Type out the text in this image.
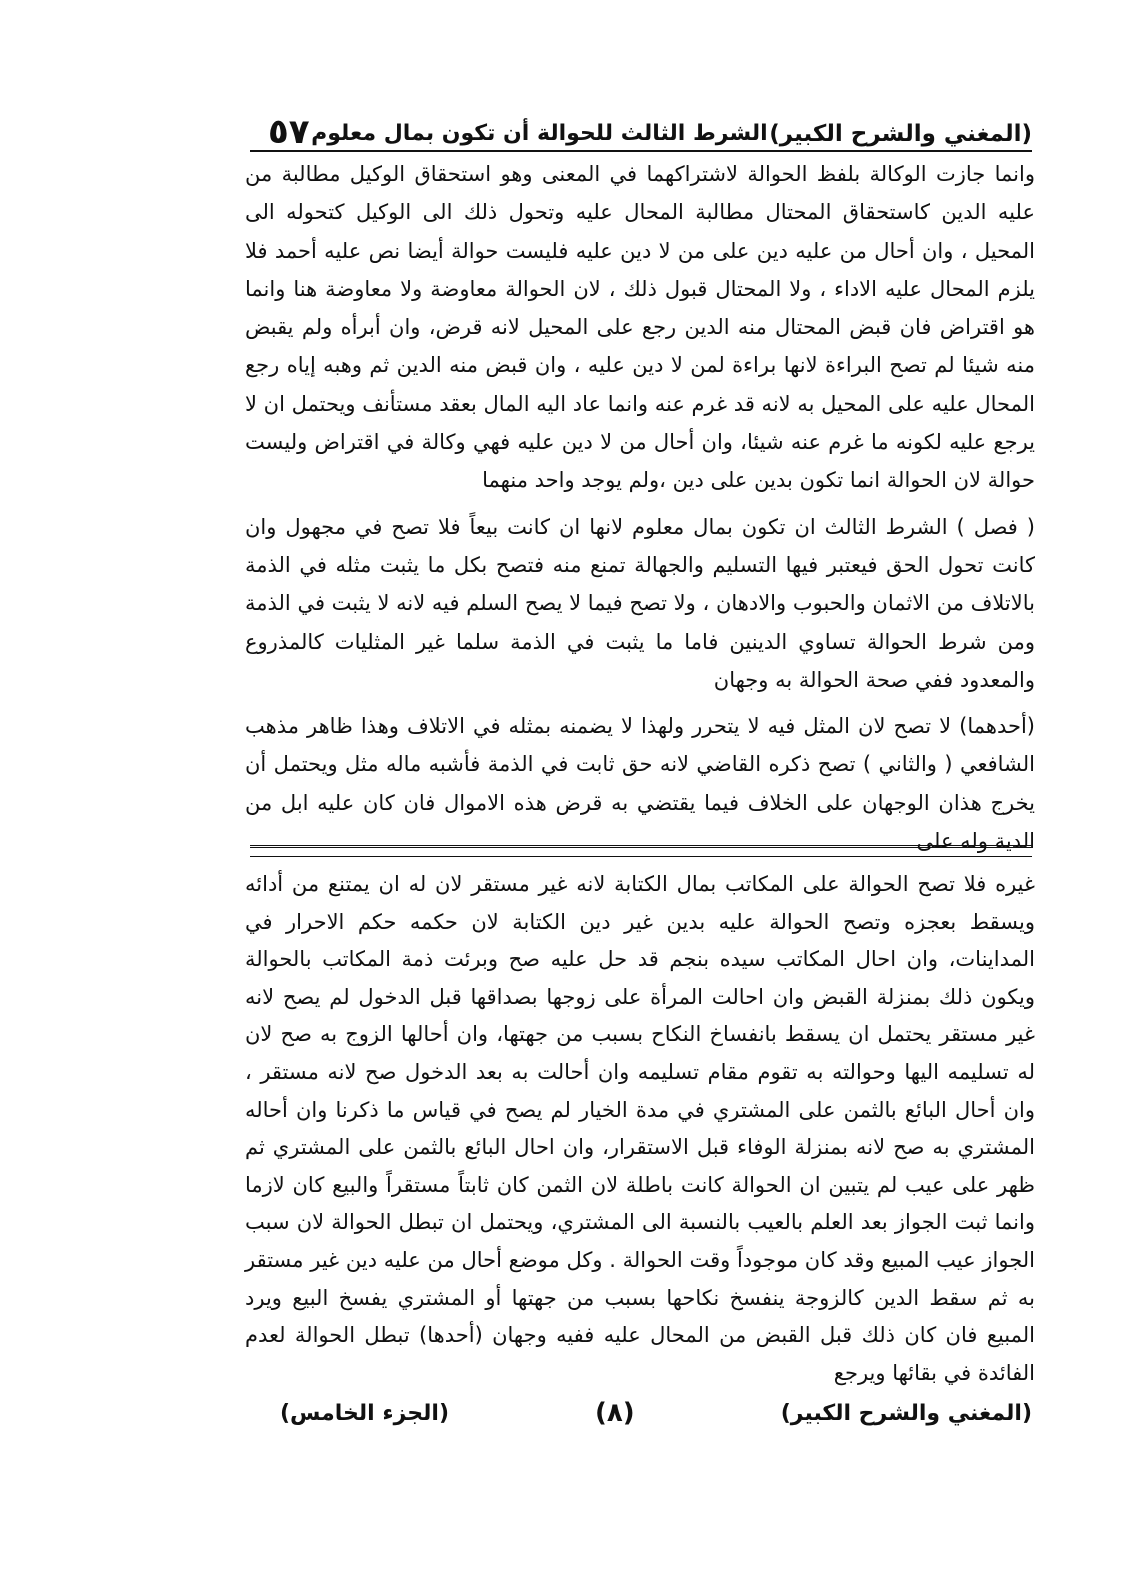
(المغني والشرح الكبير)
الشرط الثالث للحوالة أن تكون بمال معلوم
٥٧

وانما جازت الوكالة بلفظ الحوالة لاشتراكهما في المعنى وهو استحقاق الوكيل مطالبة من عليه الدين كاستحقاق المحتال مطالبة المحال عليه وتحول ذلك الى الوكيل كتحوله الى المحيل ، وان أحال من عليه دين على من لا دين عليه فليست حوالة أيضا نص عليه أحمد فلا يلزم المحال عليه الاداء ، ولا المحتال قبول ذلك ، لان الحوالة معاوضة ولا معاوضة هنا وانما هو اقتراض فان قبض المحتال منه الدين رجع على المحيل لانه قرض، وان أبرأه ولم يقبض منه شيئا لم تصح البراءة لانها براءة لمن لا دين عليه ، وان قبض منه الدين ثم وهبه إياه رجع المحال عليه على المحيل به لانه قد غرم عنه وانما عاد اليه المال بعقد مستأنف ويحتمل ان لا يرجع عليه لكونه ما غرم عنه شيئا، وان أحال من لا دين عليه فهي وكالة في اقتراض وليست حوالة لان الحوالة انما تكون بدين على دين ،ولم يوجد واحد منهما

( فصل ) الشرط الثالث ان تكون بمال معلوم لانها ان كانت بيعاً فلا تصح في مجهول وان كانت تحول الحق فيعتبر فيها التسليم والجهالة تمنع منه فتصح بكل ما يثبت مثله في الذمة بالاتلاف من الاثمان والحبوب والادهان ، ولا تصح فيما لا يصح السلم فيه لانه لا يثبت في الذمة ومن شرط الحوالة تساوي الدينين فاما ما يثبت في الذمة سلما غير المثليات كالمذروع والمعدود ففي صحة الحوالة به وجهان

(أحدهما) لا تصح لان المثل فيه لا يتحرر ولهذا لا يضمنه بمثله في الاتلاف وهذا ظاهر مذهب الشافعي ( والثاني ) تصح ذكره القاضي لانه حق ثابت في الذمة فأشبه ماله مثل ويحتمل أن يخرج هذان الوجهان على الخلاف فيما يقتضي به قرض هذه الاموال فان كان عليه ابل من الدية وله على

غيره فلا تصح الحوالة على المكاتب بمال الكتابة لانه غير مستقر لان له ان يمتنع من أدائه ويسقط بعجزه وتصح الحوالة عليه بدين غير دين الكتابة لان حكمه حكم الاحرار في المداينات، وان احال المكاتب سيده بنجم قد حل عليه صح وبرئت ذمة المكاتب بالحوالة ويكون ذلك بمنزلة القبض وان احالت المرأة على زوجها بصداقها قبل الدخول لم يصح لانه غير مستقر يحتمل ان يسقط بانفساخ النكاح بسبب من جهتها، وان أحالها الزوج به صح لان له تسليمه اليها وحوالته به تقوم مقام تسليمه وان أحالت به بعد الدخول صح لانه مستقر ، وان أحال البائع بالثمن على المشتري في مدة الخيار لم يصح في قياس ما ذكرنا وان أحاله المشتري به صح لانه بمنزلة الوفاء قبل الاستقرار، وان احال البائع بالثمن على المشتري ثم ظهر على عيب لم يتبين ان الحوالة كانت باطلة لان الثمن كان ثابتاً مستقراً والبيع كان لازما وانما ثبت الجواز بعد العلم بالعيب بالنسبة الى المشتري، ويحتمل ان تبطل الحوالة لان سبب الجواز عيب المبيع وقد كان موجوداً وقت الحوالة . وكل موضع أحال من عليه دين غير مستقر به ثم سقط الدين كالزوجة ينفسخ نكاحها بسبب من جهتها أو المشتري يفسخ البيع ويرد المبيع فان كان ذلك قبل القبض من المحال عليه ففيه وجهان (أحدها) تبطل الحوالة لعدم الفائدة في بقائها ويرجع

(المغني والشرح الكبير)
(٨)
(الجزء الخامس)
